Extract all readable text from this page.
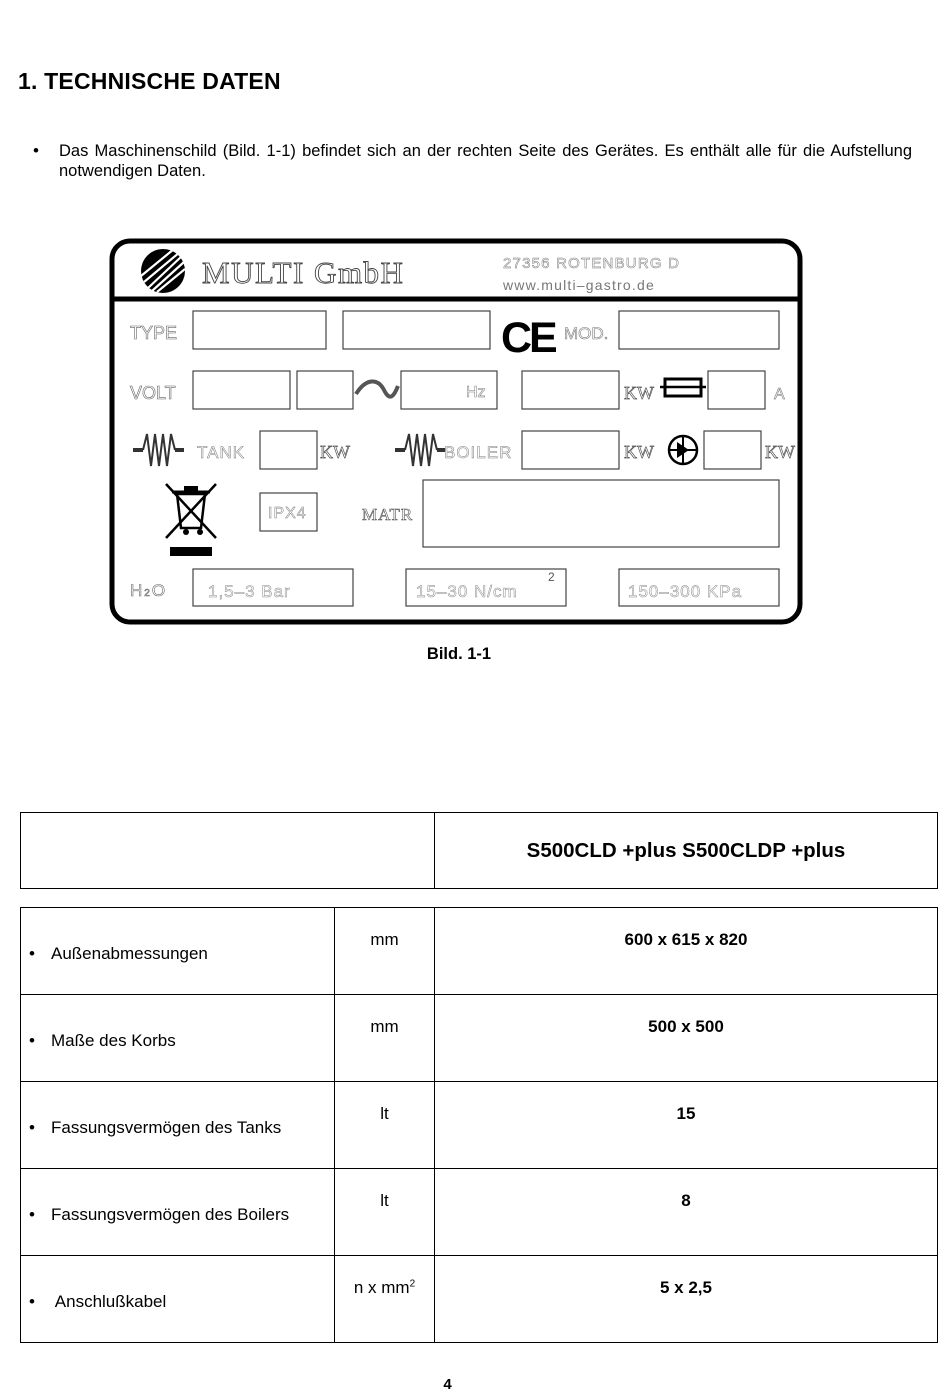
1. TECHNISCHE DATEN
• Das Maschinenschild (Bild. 1-1) befindet sich an der rechten Seite des Gerätes. Es enthält alle für die Aufstellung notwendigen Daten.
MULTI GmbH	27356 ROTENBURG D
www.multi–gastro.de
TYPE	CE MOD.
VOLT	Hz	KW	A
TANK	KW	BOILER	KW	KW
IPX4	MATR
H 2 O	1,5–3 Bar	15–30 N/cm
2
150–300 KPa
Bild. 1-1
	S500CLD +plus S500CLDP +plus
• Außenabmessungen	mm	600 x 615 x 820
• Maße des Korbs	mm	500 x 500
• Fassungsvermögen des Tanks	lt	15
• Fassungsvermögen des Boilers	lt	8
• Anschlußkabel	n x $mm^2$	5 x 2,5
4
